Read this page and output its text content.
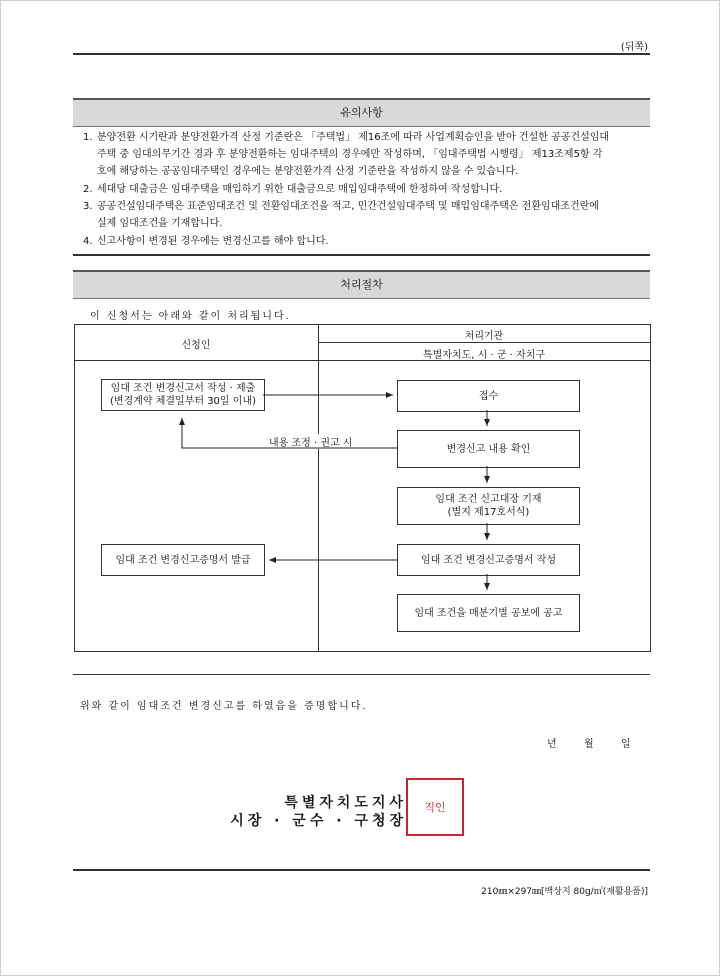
(뒤쪽)
유의사항
1. 분양전환 시기란과 분양전환가격 산정 기준란은 「주택법」 제16조에 따라 사업계획승인을 받아 건설한 공공건설임대
주택 중 임대의무기간 경과 후 분양전환하는 임대주택의 경우에만 작성하며, 「임대주택법 시행령」 제13조제5항 각
호에 해당하는 공공임대주택인 경우에는 분양전환가격 산정 기준란을 작성하지 않을 수 있습니다.
2. 세대당 대출금은 임대주택을 매입하기 위한 대출금으로 매입임대주택에 한정하여 작성합니다.
3. 공공건설임대주택은 표준임대조건 및 전환임대조건을 적고, 민간건설임대주택 및 매입임대주택은 전환임대조건란에
실제 임대조건을 기재합니다.
4. 신고사항이 변경된 경우에는 변경신고를 해야 합니다.
처리절차
이 신청서는 아래와 같이 처리됩니다.
신청인
처리기관
특별자치도, 시 · 군 · 자치구
임대 조건 변경신고서 작성 · 제출
(변경계약 체결일부터 30일 이내)
임대 조건 변경신고증명서 발급
접수
변경신고 내용 확인
임대 조건 신고대장 기재
(별지 제17호서식)
임대 조건 변경신고증명서 작성
임대 조건을 매분기별 공보에 공고
내용 조정 · 권고 시
위와 같이 임대조건 변경신고를 하였음을 증명합니다.
년	월	일
특별자치도지사
시장 · 군수 · 구청장
직인
210㎜×297㎜[백상지 80g/㎡(재활용품)]
